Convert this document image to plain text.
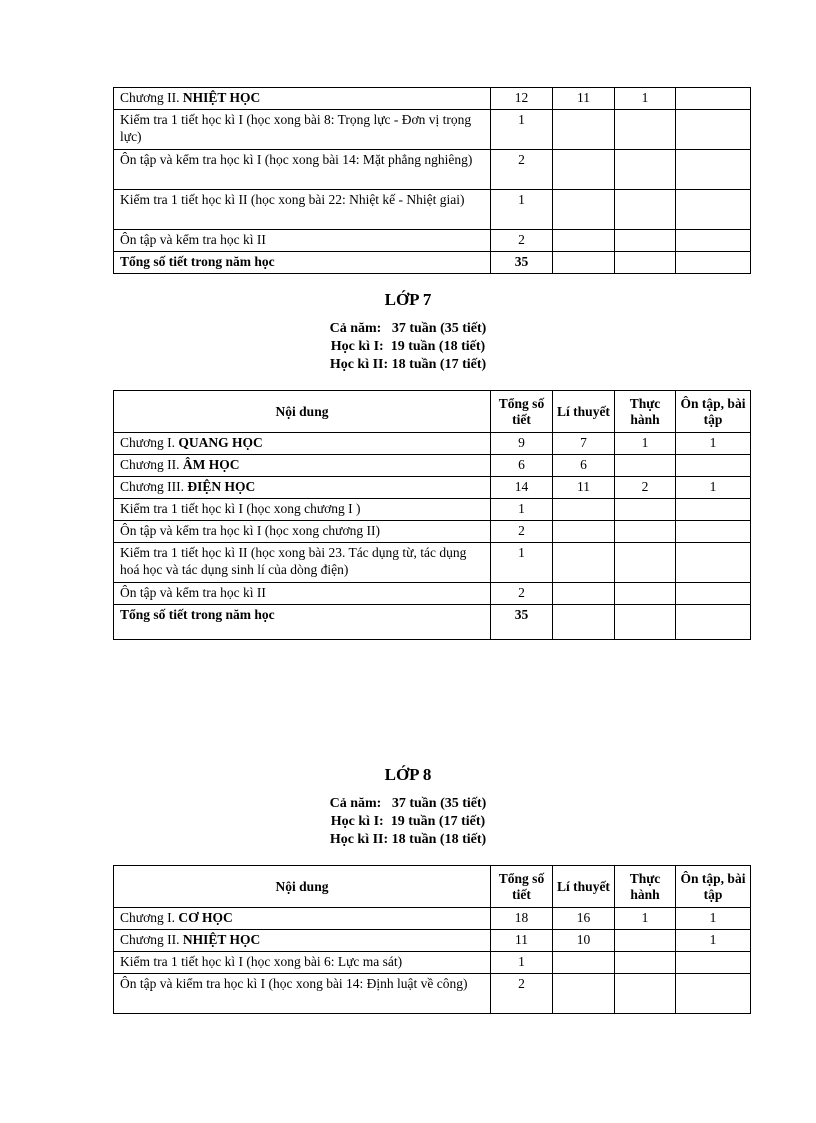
Chương II. NHIỆT HỌC	12	11	1	
Kiểm tra 1 tiết học kì I (học xong bài 8: Trọng lực - Đơn vị trọng lực)	1			
Ôn tập và kểm tra học kì I (học xong bài 14: Mặt phẳng nghiêng)	2			
Kiểm tra 1 tiết học kì II (học xong bài 22: Nhiệt kế - Nhiệt giai)	1			
Ôn tập và kểm tra học kì II	2			
Tổng số tiết trong năm học	35			
LỚP 7
Cả năm: 37 tuần (35 tiết)
Học kì I: 19 tuần (18 tiết)
Học kì II: 18 tuần (17 tiết)
Nội dung	Tổng số tiết	Lí thuyết	Thực hành	Ôn tập, bài tập
Chương I. QUANG HỌC	9	7	1	1
Chương II. ÂM HỌC	6	6		
Chương III. ĐIỆN HỌC	14	11	2	1
Kiểm tra 1 tiết học kì I (học xong chương I )	1			
Ôn tập và kểm tra học kì I (học xong chương II)	2			
Kiểm tra 1 tiết học kì II (học xong bài 23. Tác dụng từ, tác dụng hoá học và tác dụng sinh lí của dòng điện)	1			
Ôn tập và kểm tra học kì II	2			
Tổng số tiết trong năm học	35			
LỚP 8
Cả năm: 37 tuần (35 tiết)
Học kì I: 19 tuần (17 tiết)
Học kì II: 18 tuần (18 tiết)
Nội dung	Tổng số tiết	Lí thuyết	Thực hành	Ôn tập, bài tập
Chương I. CƠ HỌC	18	16	1	1
Chương II. NHIỆT HỌC	11	10		1
Kiểm tra 1 tiết học kì I (học xong bài 6: Lực ma sát)	1			
Ôn tập và kiểm tra học kì I (học xong bài 14: Định luật về công)	2			
